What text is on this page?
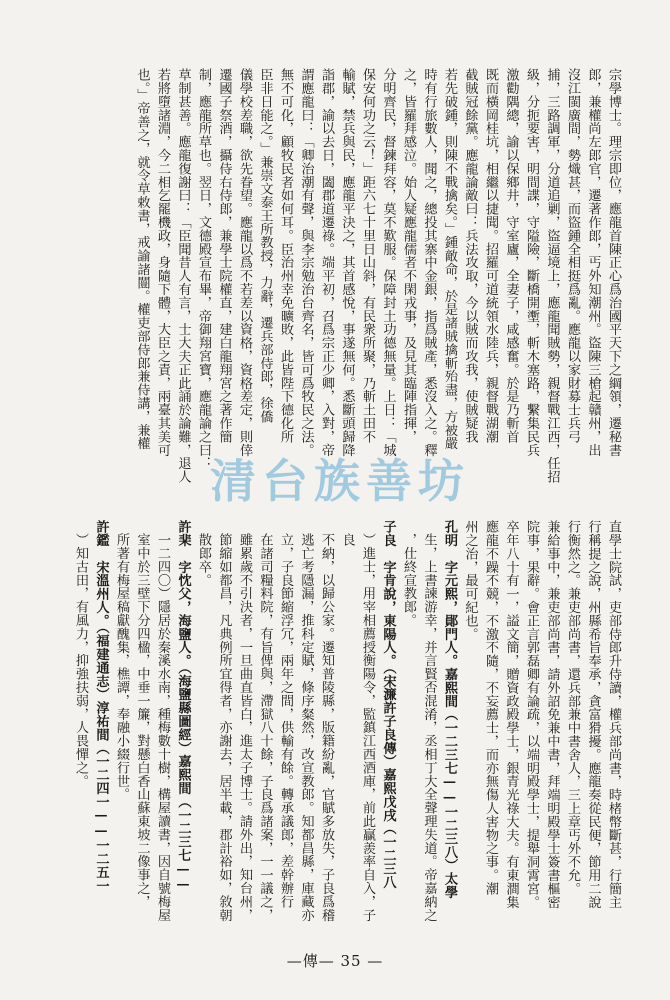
宗學博士。理宗即位，應龍首陳正心爲治國平天下之綱領，遷秘書
郎，兼權尚左郎官，遷著作郎，丐外知潮州。盜陳三槍起贛州，出
沒江閩廣間，勢熾甚，而盜鍾全相挺爲亂。應龍以家財募士兵弓
捕，三路調軍，分道追剿，盜逼境上，應龍聞賊勢，親督戰江西，任招
級，分扼要害，明間諜，守隘險，斷橋開壍，斬木塞路，繫集民兵
激勸隅總，諭以保鄉井，守室廬，全妻子，咸感奮。於是乃斬首
既而橫岡桂坑，相繼以捷聞。招羅可道統領水陸兵，親督戰湖潮
截賊冠餘黨。應龍論敵曰：兵法攻取，今以賊而攻我，使賊疑我
若先破鍾，則陳不戰擒矣。」鍾敵命，於是諸賊擒斬殆盡，方被嚴
時有行旅數人，聞之，總投其寨中金銀，指爲賊產，悉沒入之。釋
之，皆羅拜感泣。始人疑應龍儒者不閑戎事，及見其臨陣指揮，
分明齊民，督鍊拜容，莫不歎服。保障封土功德無量。上日：「城
保安何功之云！」距六七十里日山斜，有民衆所聚，乃斬土田不
輸賦，禁兵與民，應龍平決之，其首感悅，事遂無何。悉斷頭歸降
詣郡，諭以去日，闔郡道遷祿。端平初，召爲宗正少卿，入對，帝
謂應龍曰：「卿治潮有聲，與李宗勉治台齊名，皆可爲牧民之法。
無不可化，顧牧民者如何耳。臣治州幸免曠敗，此皆陛下德化所
臣非日能之。」兼崇文泰王所教授，力辭，遷兵部侍郎，徐僑
儀學校差職，欲先眷望。應龍以爲不若差以資格，資格差定，則倖
遷國子祭酒，攝侍右侍郎，兼學士院權直，建白龍翔宮之著作簡
制，應龍所草也。翌日，文德殿宣布畢，帝御翔宮寶，應龍論之曰：
草制甚善。應龍復謝曰：「臣聞昔人有言，士大夫正此誦於論難，退人
若將墮諸淵，今二相乞罷機政，身隨下體，大臣之責，兩臺其美可
也。」帝善之，就令草敕書，戒諭諸闓。權吏部侍郎兼侍講，兼權
直學士院試，吏部侍郎升侍讀，權兵部尚書，時楮幣斷甚，行簡主
行稱提之說，州縣希旨奉承，貪富猾擾。應龍奏從民便，節用二說
行衡然之。兼吏部尚書，還兵部兼中書舍人，三上章丐外不允。
兼給事中，兼吏部尚書，請外詔免兼中書，拜端明殿學士簽書樞密
院事，果辭。會正言郭磊卿有論疏，以端明殿學士，提舉洞霄宮。
卒年八十有一，謚文簡，贈資政殿學士，銀青光祿大夫。有東澗集
應龍不躁不競，不激不隨，不妄薦士，而亦無傷人害物之事。潮
州之治，最可紀也。
孔明　字元熙，鄖門人。嘉熙間（一二三七——一二三八）太學
生，上書諫游幸，并言賢否混淆，丞相丁大全聲理失道。帝嘉納之
，仕終宣教郎。
子良　字肯說，東陽人。（宋濂許子良傳）嘉熙戊戌（一二三八
）進士，用宰相薦授衡陽令，監鎮江西酒庫，前此贏羨率自入，子良
不納，以歸公家。遷知普陵縣，版籍紛亂，官賦多放失，子良爲稽
逃亡考隱漏，推科定賦，條序粲然，改宣教郎。知都昌縣，庫藏亦
立，子良節縮浮冗，兩年之間，供輸有餘。轉承議郎，差幹辦行
在諸司糧料院，有旨俾與，滯獄八十餘，子良爲諸案，一一議之，
雖累歲不引決者，一旦曲直皆白，進太子博士。請外出，知台州，
節縮如都昌，凡典例所宜得者，亦謝去，居半載，郡計裕如，敘朝
散郎卒。
許棐　字忱父，海鹽人。（海鹽縣圖經）嘉熙間（一二三七——
一二四〇）隱居於秦溪水南，種梅數十樹，構屋讀書，因自號梅屋
室中於三壁下分四楹，中垂一簾，對懸白香山蘇東坡二像事之，
所著有梅屋稿獻醜集，樵譚，奉融小綴行世。
許鑑　宋溫州人。（福建通志）淳祐間（一二四一——一二五一
）知古田，有風力，抑強扶弱，人畏憚之。
清台族善坊
—傳— 35 —
